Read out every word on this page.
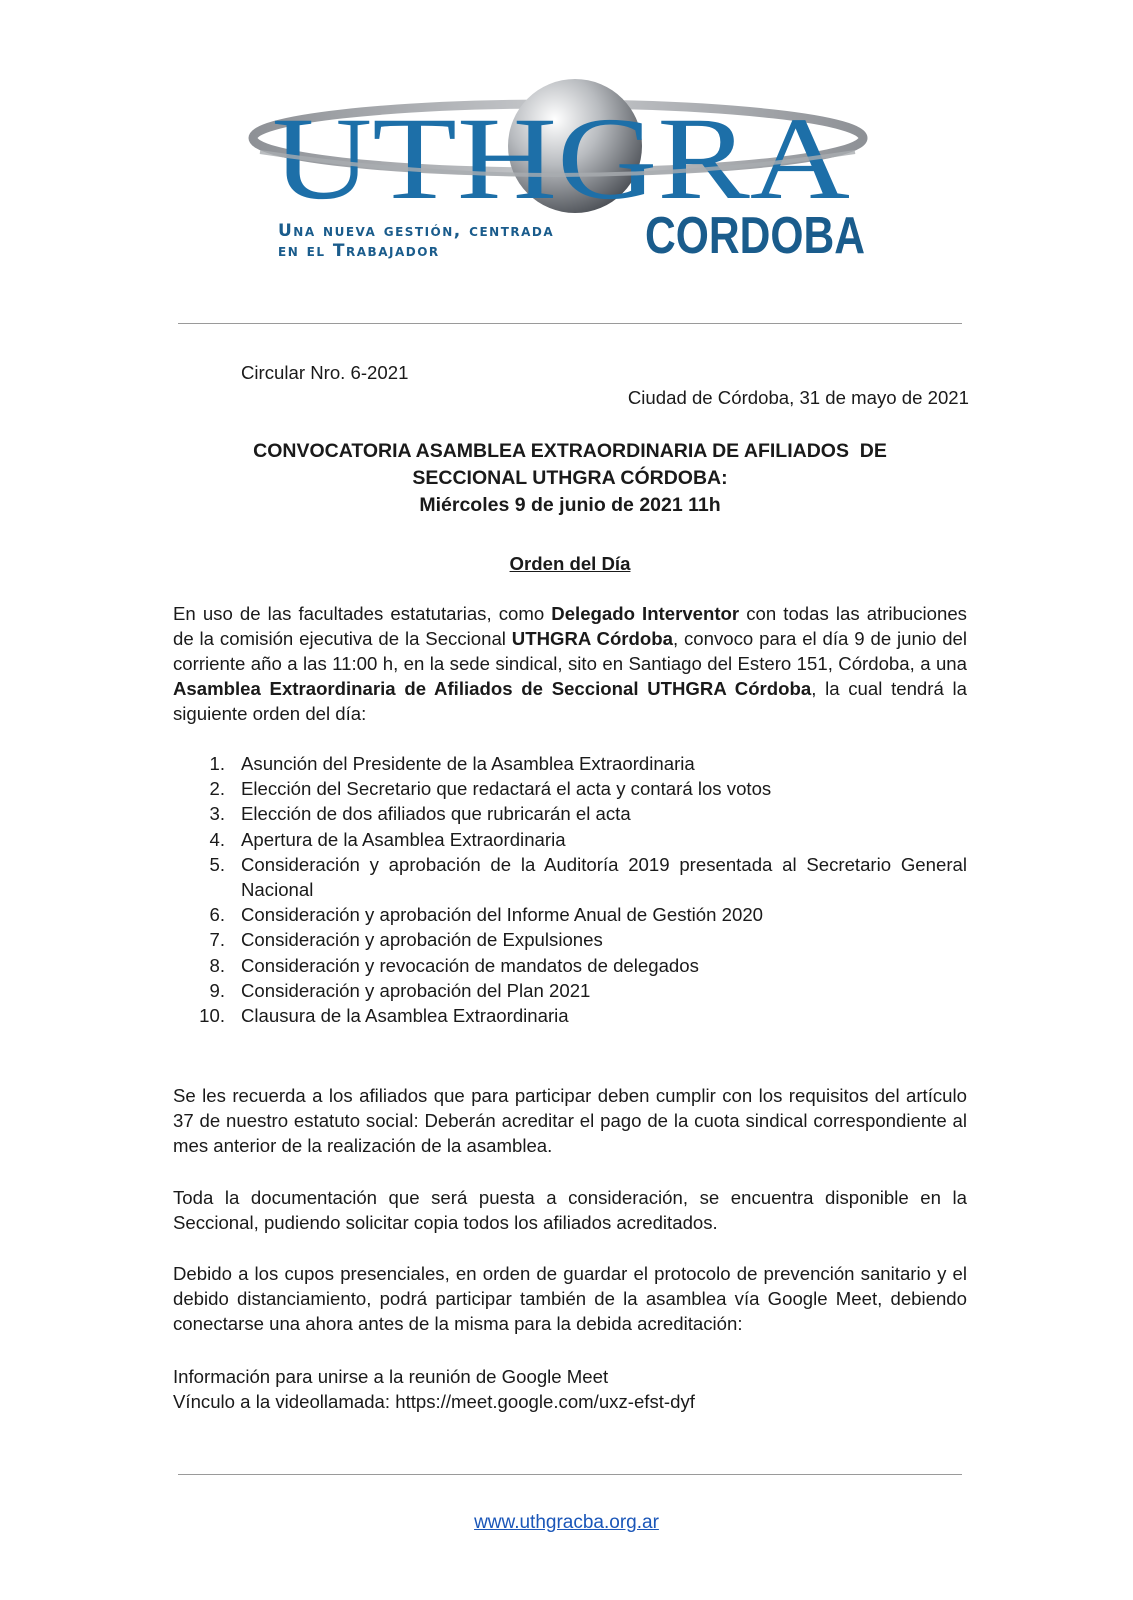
UTHGRA
Una nueva gestión, centrada
en el Trabajador	CORDOBA
Circular Nro. 6-2021
Ciudad de Córdoba, 31 de mayo de 2021
CONVOCATORIA ASAMBLEA EXTRAORDINARIA DE AFILIADOS  DE
SECCIONAL UTHGRA CÓRDOBA:
Miércoles 9 de junio de 2021 11h
Orden del Día
En uso de las facultades estatutarias, como Delegado Interventor con todas las atribuciones de la comisión ejecutiva de la Seccional UTHGRA Córdoba, convoco para el día 9 de junio del corriente año a las 11:00 h, en la sede sindical, sito en Santiago del Estero 151, Córdoba, a una Asamblea Extraordinaria de Afiliados de Seccional UTHGRA Córdoba, la cual tendrá la siguiente orden del día:
1. Asunción del Presidente de la Asamblea Extraordinaria
2. Elección del Secretario que redactará el acta y contará los votos
3. Elección de dos afiliados que rubricarán el acta
4. Apertura de la Asamblea Extraordinaria
5. Consideración y aprobación de la Auditoría 2019 presentada al Secretario General Nacional
6. Consideración y aprobación del Informe Anual de Gestión 2020
7. Consideración y aprobación de Expulsiones
8. Consideración y revocación de mandatos de delegados
9. Consideración y aprobación del Plan 2021
10. Clausura de la Asamblea Extraordinaria
Se les recuerda a los afiliados que para participar deben cumplir con los requisitos del artículo 37 de nuestro estatuto social: Deberán acreditar el pago de la cuota sindical correspondiente al mes anterior de la realización de la asamblea.
Toda la documentación que será puesta a consideración, se encuentra disponible en la Seccional, pudiendo solicitar copia todos los afiliados acreditados.
Debido a los cupos presenciales, en orden de guardar el protocolo de prevención sanitario y el debido distanciamiento, podrá participar también de la asamblea vía Google Meet, debiendo conectarse una ahora antes de la misma para la debida acreditación:
Información para unirse a la reunión de Google Meet
Vínculo a la videollamada: https://meet.google.com/uxz-efst-dyf
www.uthgracba.org.ar
